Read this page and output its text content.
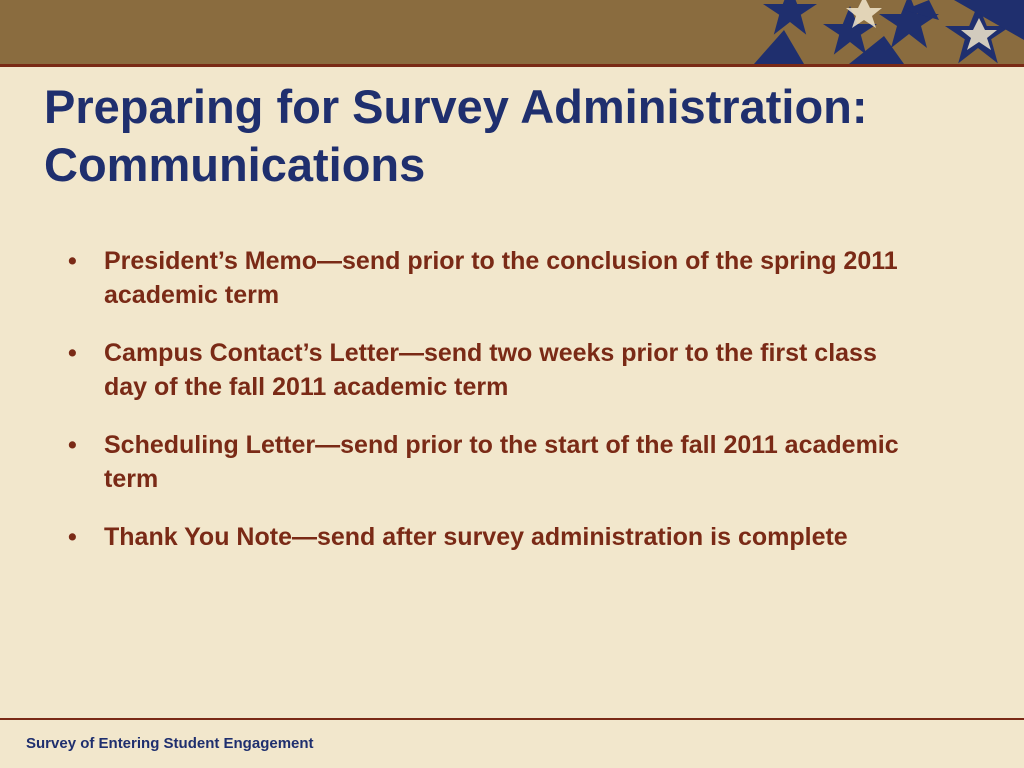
Preparing for Survey Administration:
Communications
• President’s Memo—send prior to the conclusion of the spring 2011 academic term
• Campus Contact’s Letter—send two weeks prior to the first class day of the fall 2011 academic term
• Scheduling Letter—send prior to the start of the fall 2011 academic term
• Thank You Note—send after survey administration is complete
Survey of Entering Student Engagement
